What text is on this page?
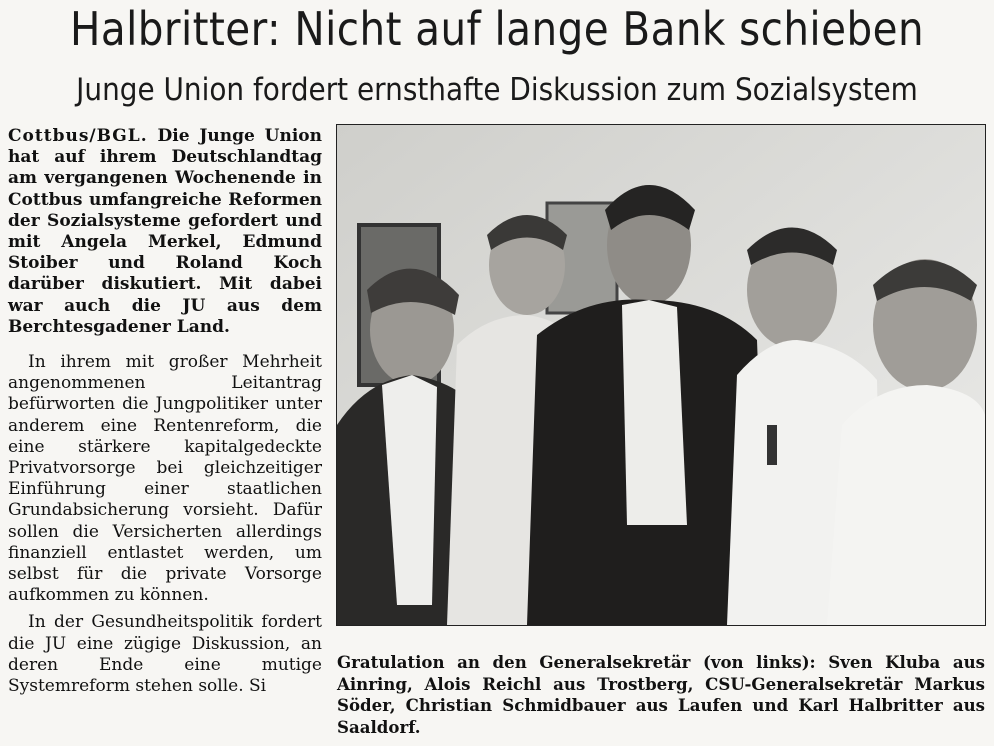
Halbritter: Nicht auf lange Bank schieben
Junge Union fordert ernsthafte Diskussion zum Sozialsystem

Cottbus/BGL. Die Junge Union hat auf ihrem Deutschlandtag am vergangenen Wochenende in Cottbus umfangreiche Reformen der Sozialsysteme gefordert und mit Angela Merkel, Edmund Stoiber und Roland Koch darüber diskutiert. Mit dabei war auch die JU aus dem Berchtesgadener Land.

In ihrem mit großer Mehrheit angenommenen Leitantrag befürworten die Jungpolitiker unter anderem eine Rentenreform, die eine stärkere kapitalgedeckte Privatvorsorge bei gleichzeitiger Einführung einer staatlichen Grundabsicherung vorsieht. Dafür sollen die Versicherten allerdings finanziell entlastet werden, um selbst für die private Vorsorge aufkommen zu können.

In der Gesundheitspolitik fordert die JU eine zügige Diskussion, an deren Ende eine mutige Systemreform stehen solle. Si

Gratulation an den Generalsekretär (von links): Sven Kluba aus Ainring, Alois Reichl aus Trostberg, CSU-Generalsekretär Markus Söder, Christian Schmidbauer aus Laufen und Karl Halbritter aus Saaldorf.
